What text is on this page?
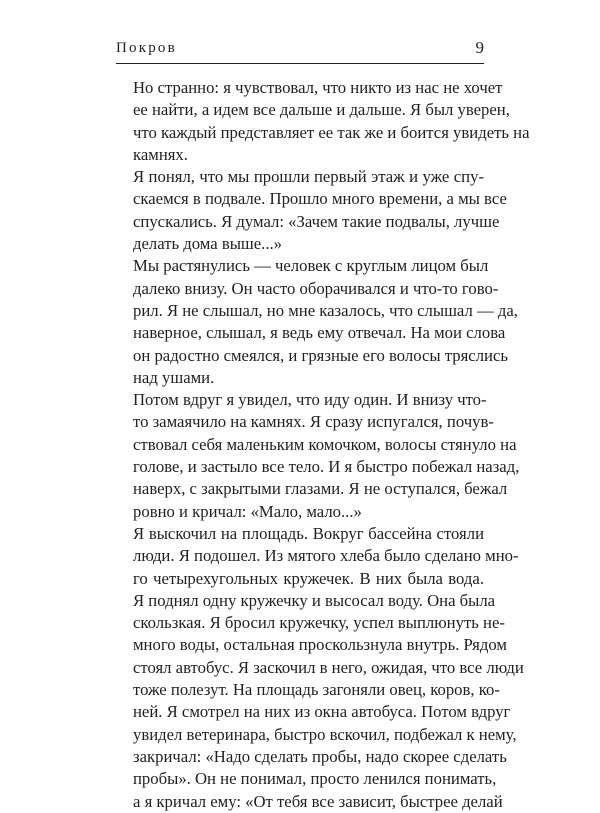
Покров	9

Но странно: я чувствовал, что никто из нас не хочет
ее найти, а идем все дальше и дальше. Я был уверен,
что каждый представляет ее так же и боится увидеть на
камнях.

Я понял, что мы прошли первый этаж и уже спу-
скаемся в подвале. Прошло много времени, а мы все
спускались. Я думал: «Зачем такие подвалы, лучше
делать дома выше...»

Мы растянулись — человек с круглым лицом был
далеко внизу. Он часто оборачивался и что-то гово-
рил. Я не слышал, но мне казалось, что слышал — да,
наверное, слышал, я ведь ему отвечал. На мои слова
он радостно смеялся, и грязные его волосы тряслись
над ушами.

Потом вдруг я увидел, что иду один. И внизу что-
то замаячило на камнях. Я сразу испугался, почув-
ствовал себя маленьким комочком, волосы стянуло на
голове, и застыло все тело. И я быстро побежал назад,
наверх, с закрытыми глазами. Я не оступался, бежал
ровно и кричал: «Мало, мало...»

Я выскочил на площадь. Вокруг бассейна стояли
люди. Я подошел. Из мятого хлеба было сделано мно-
го четырехугольных кружечек. В них была вода.
Я поднял одну кружечку и высосал воду. Она была
скользкая. Я бросил кружечку, успел выплюнуть не-
много воды, остальная проскользнула внутрь. Рядом
стоял автобус. Я заскочил в него, ожидая, что все люди
тоже полезут. На площадь загоняли овец, коров, ко-
ней. Я смотрел на них из окна автобуса. Потом вдруг
увидел ветеринара, быстро вскочил, подбежал к нему,
закричал: «Надо сделать пробы, надо скорее сделать
пробы». Он не понимал, просто ленился понимать,
а я кричал ему: «От тебя все зависит, быстрее делай
